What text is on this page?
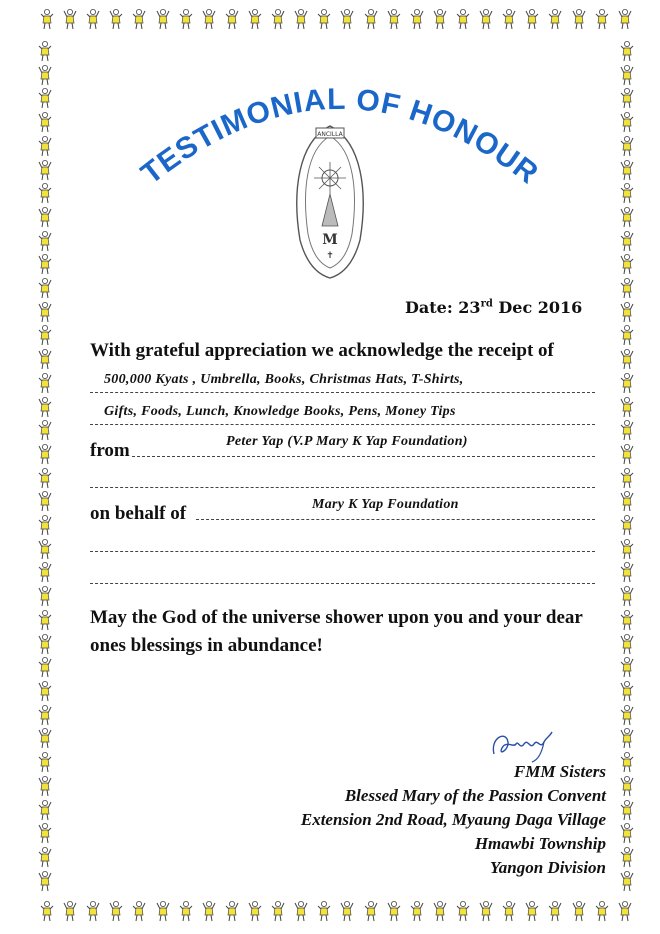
TESTIMONIAL OF HONOUR
ANCILLA
M
✝
Date: 23rd Dec 2016
With grateful appreciation we acknowledge the receipt of
500,000 Kyats , Umbrella, Books, Christmas Hats, T-Shirts,
Gifts, Foods, Lunch, Knowledge Books, Pens, Money Tips
Peter Yap (V.P Mary K Yap Foundation)
from
Mary K Yap Foundation
on behalf of
May the God of the universe shower upon you and your dear ones blessings in abundance!
FMM Sisters
Blessed Mary of the Passion Convent
Extension 2nd Road, Myaung Daga Village
Hmawbi Township
Yangon Division
